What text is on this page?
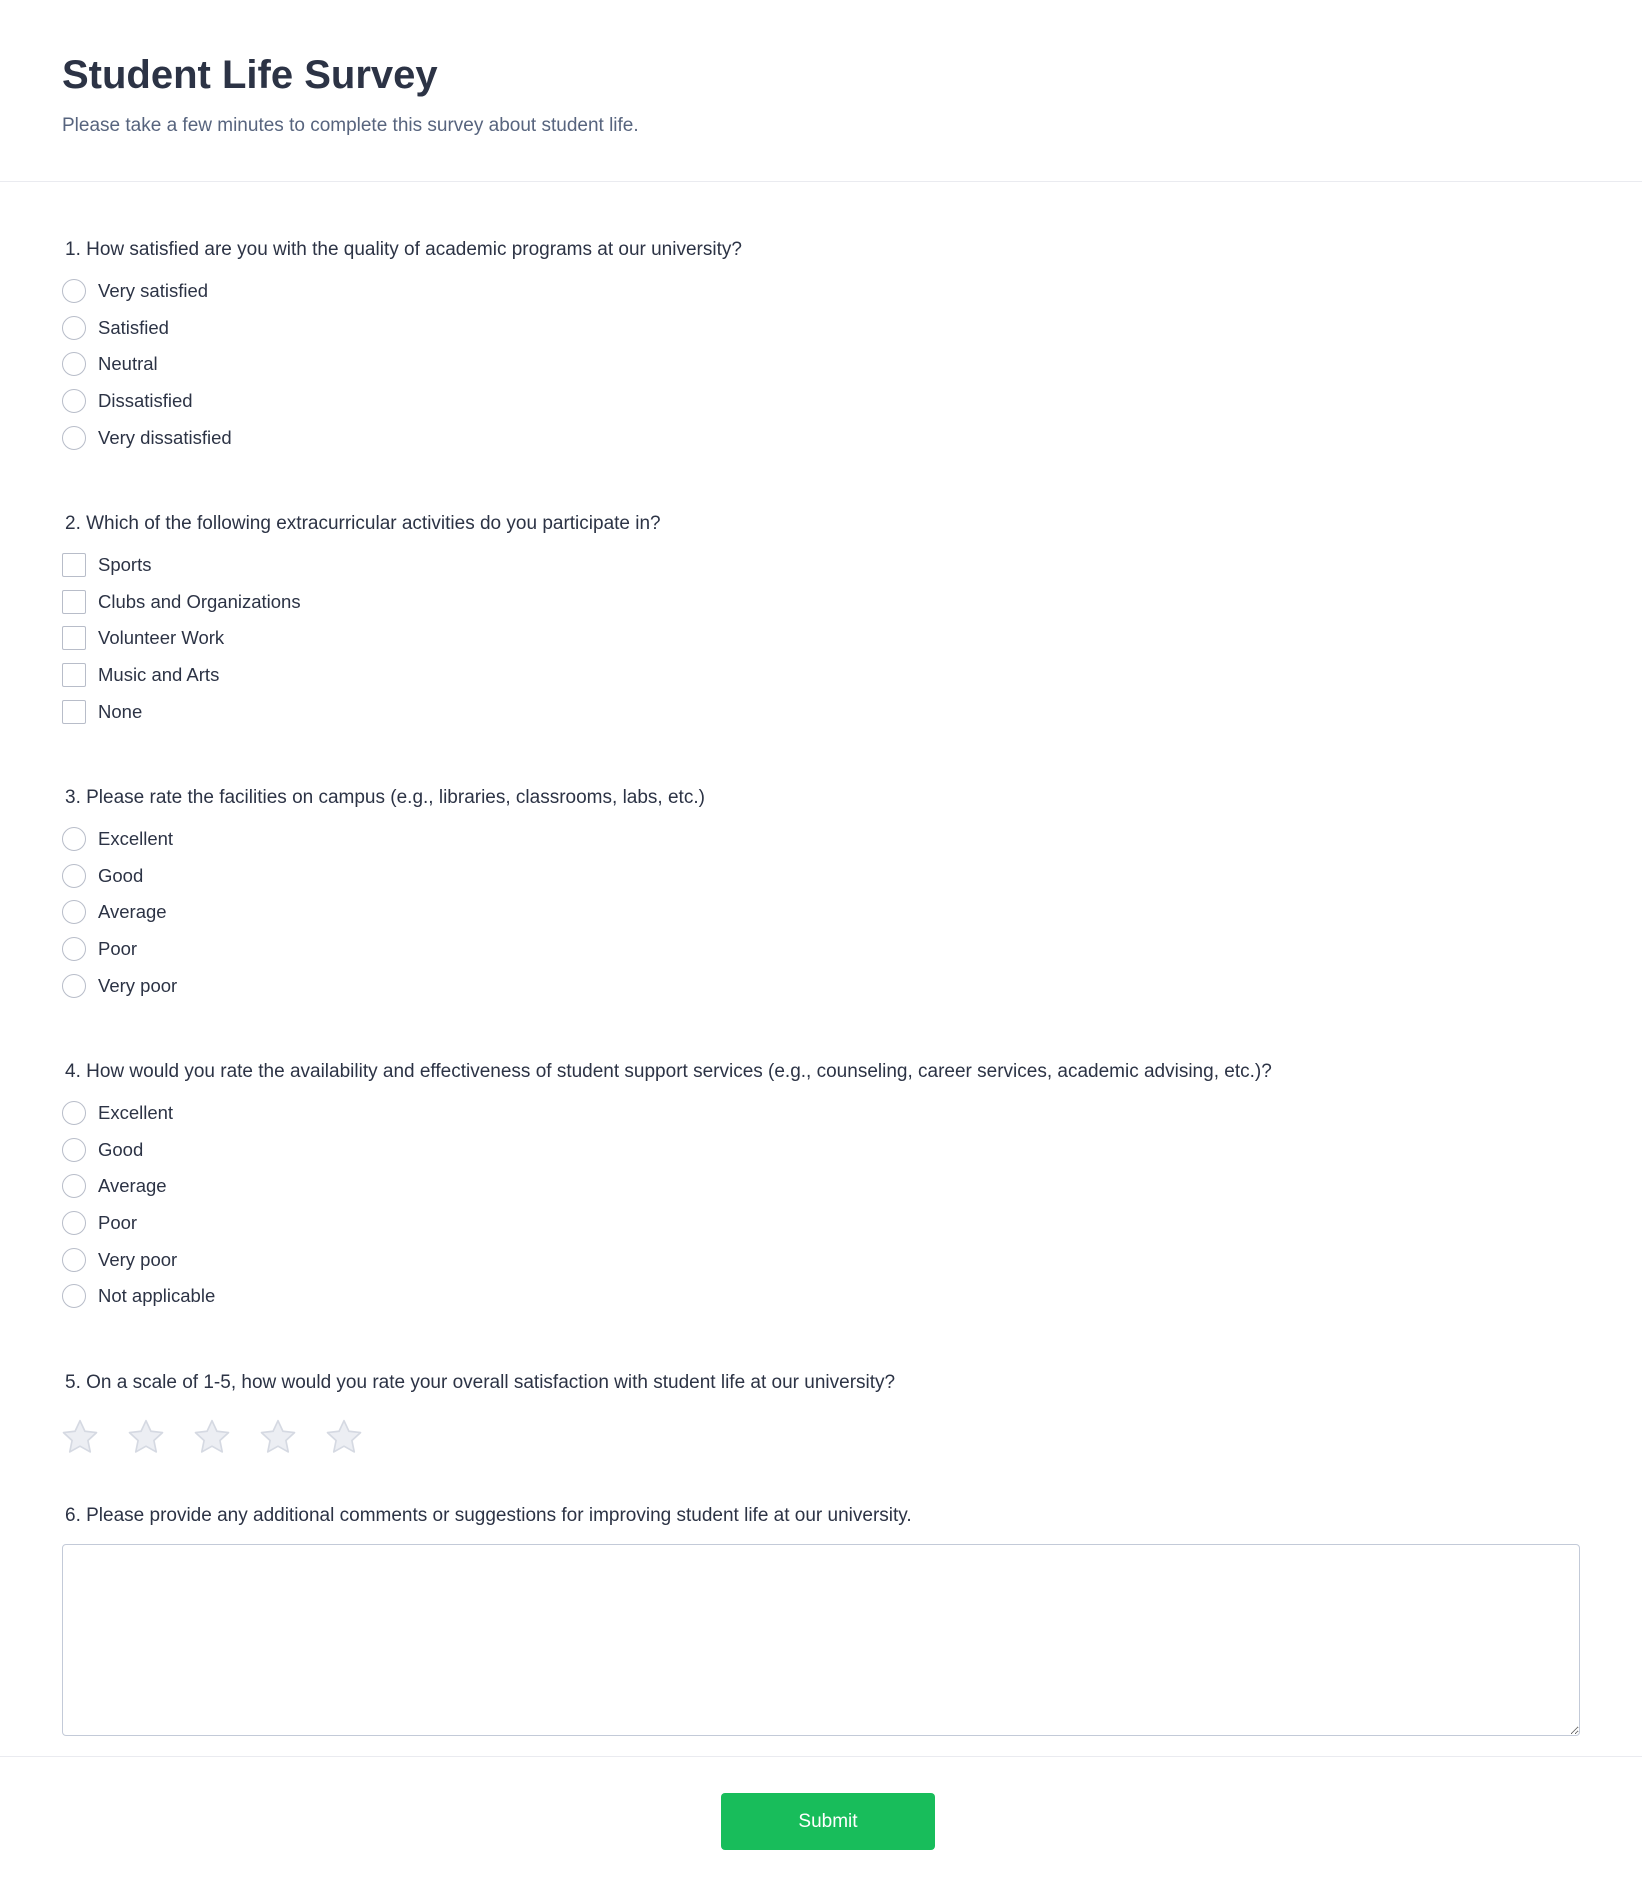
Student Life Survey

Please take a few minutes to complete this survey about student life.

1. How satisfied are you with the quality of academic programs at our university?
Very satisfied
Satisfied
Neutral
Dissatisfied
Very dissatisfied
2. Which of the following extracurricular activities do you participate in?
Sports
Clubs and Organizations
Volunteer Work
Music and Arts
None
3. Please rate the facilities on campus (e.g., libraries, classrooms, labs, etc.)
Excellent
Good
Average
Poor
Very poor
4. How would you rate the availability and effectiveness of student support services (e.g., counseling, career services, academic advising, etc.)?
Excellent
Good
Average
Poor
Very poor
Not applicable
5. On a scale of 1-5, how would you rate your overall satisfaction with student life at our university?
6. Please provide any additional comments or suggestions for improving student life at our university.
Submit
